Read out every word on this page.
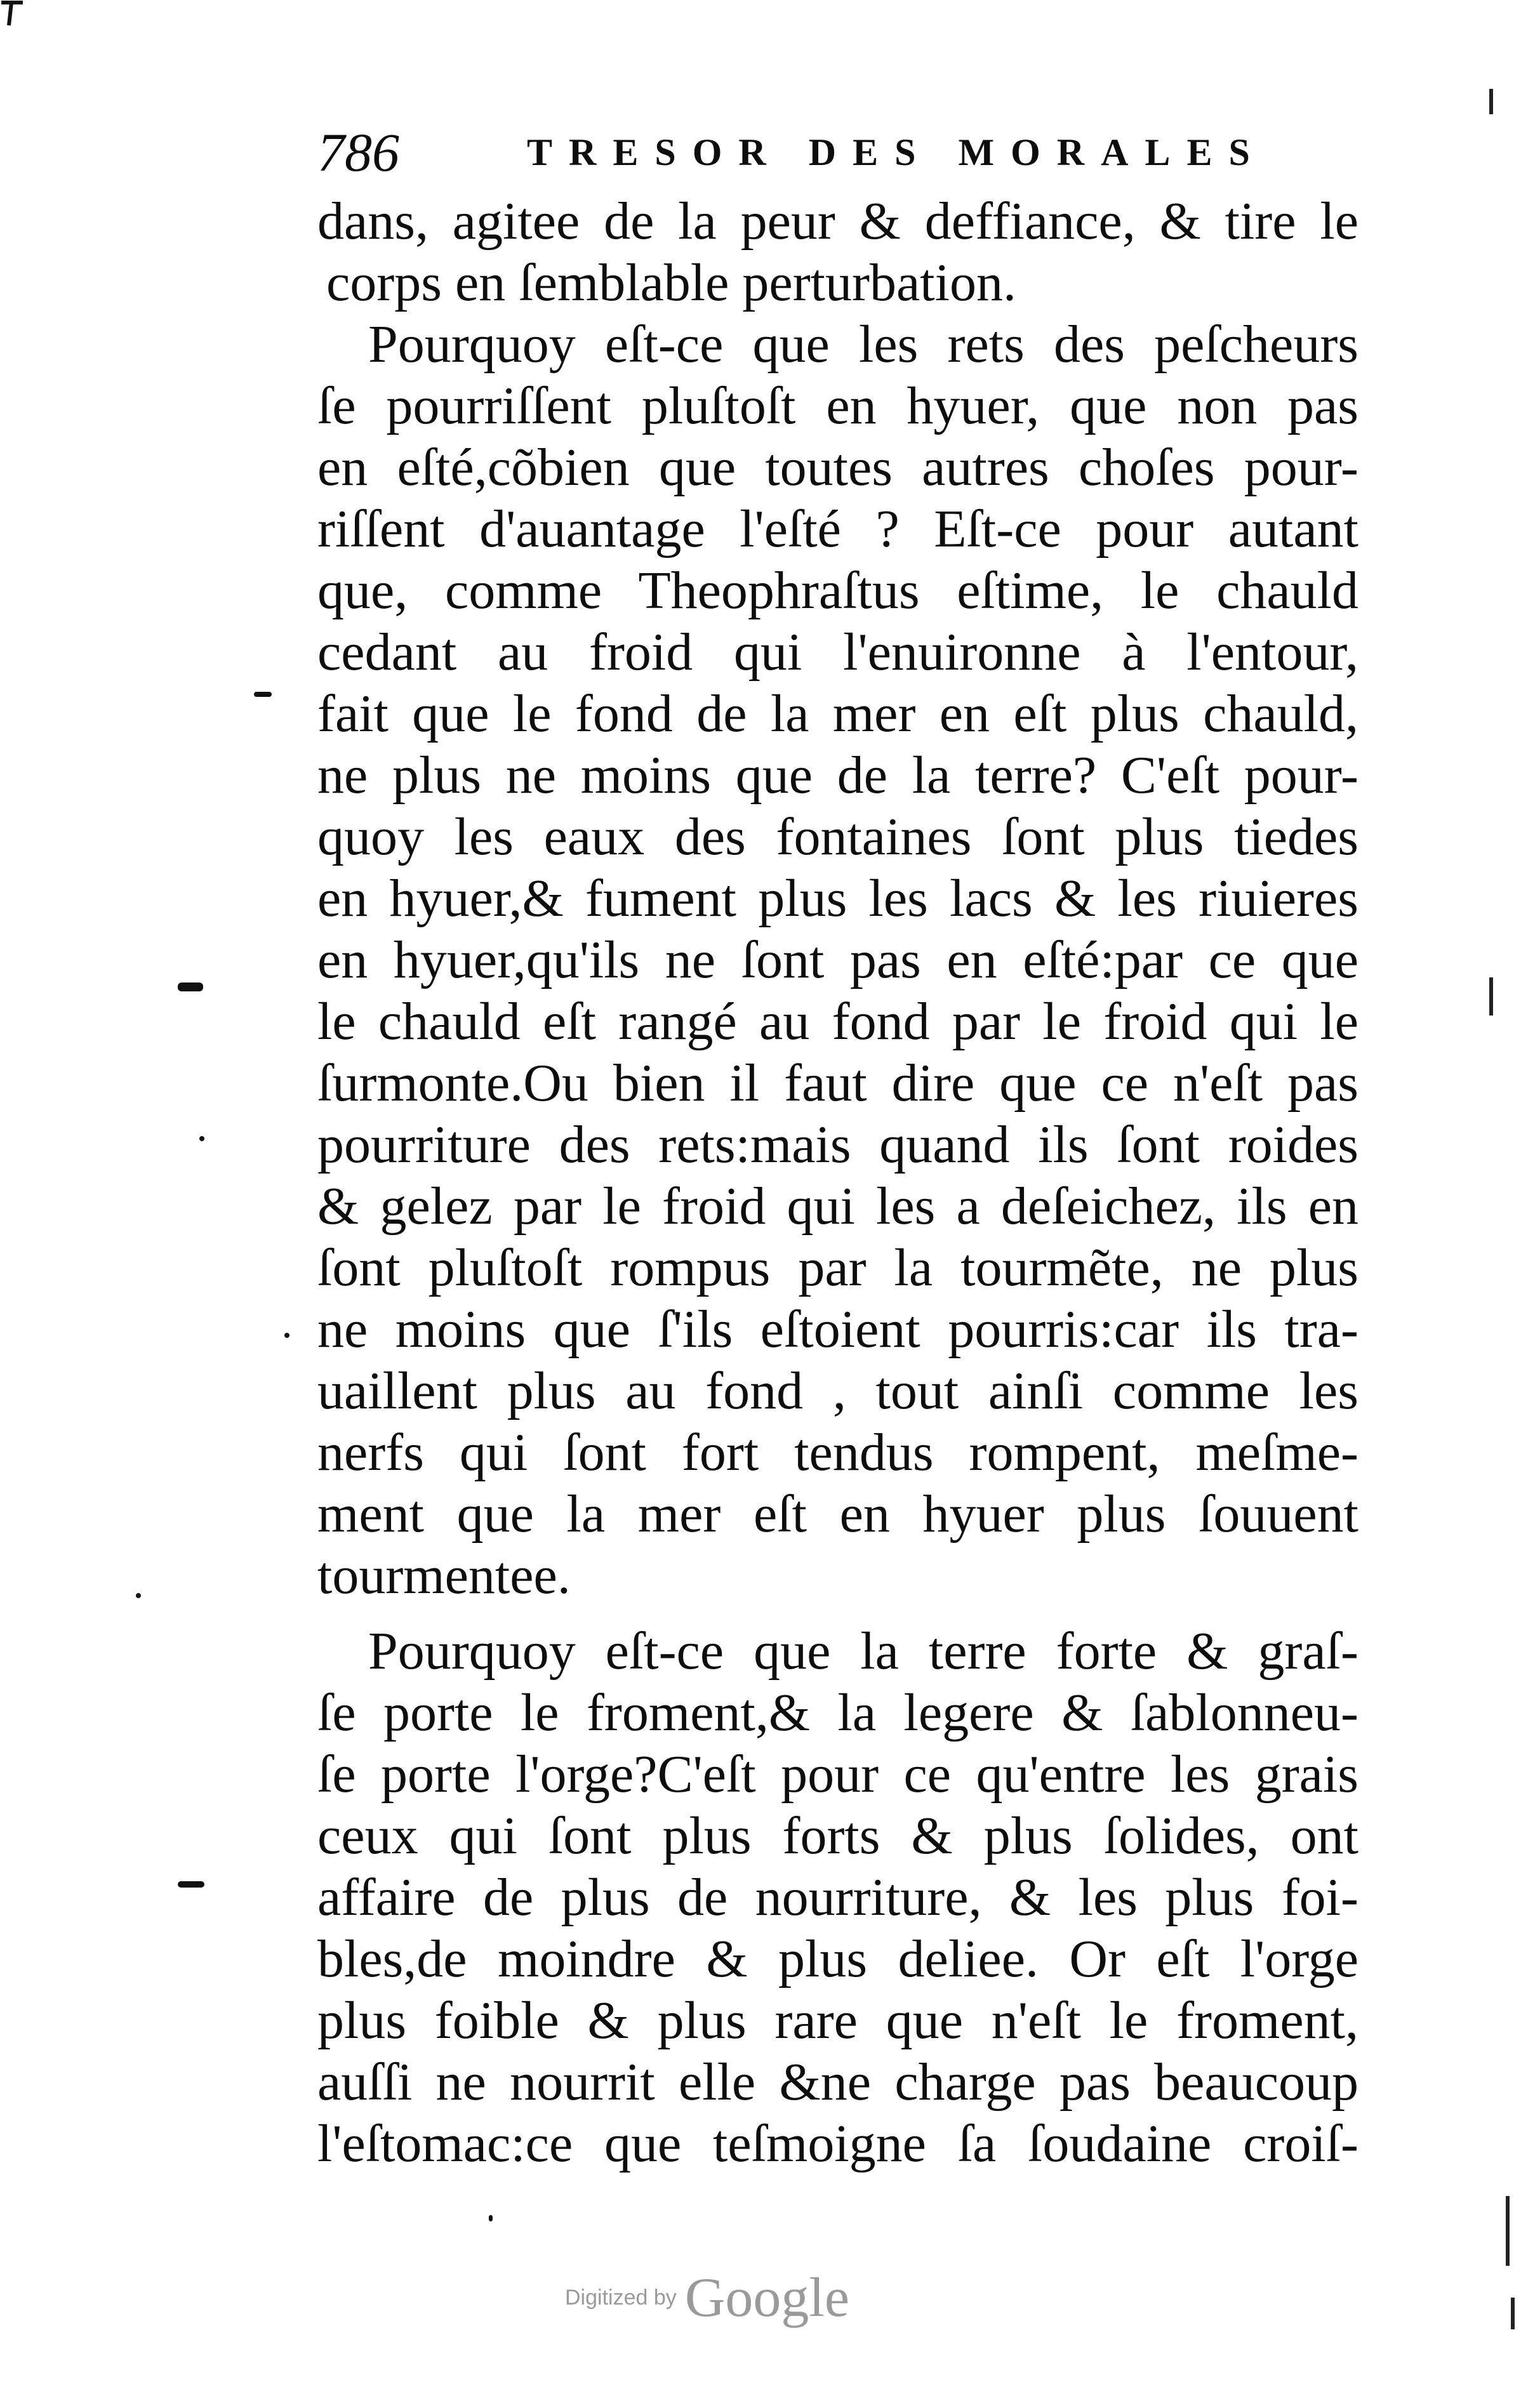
786	TRESOR DES MORALES
dans, agitee de la peur & deffiance, & tire le
corps en ſemblable perturbation.
Pourquoy eſt-ce que les rets des peſcheurs
ſe pourriſſent pluſtoſt en hyuer, que non pas
en eſté,cõbien que toutes autres choſes pour-
riſſent d'auantage l'eſté ? Eſt-ce pour autant
que, comme Theophraſtus eſtime, le chauld
cedant au froid qui l'enuironne à l'entour,
fait que le fond de la mer en eſt plus chauld,
ne plus ne moins que de la terre? C'eſt pour-
quoy les eaux des fontaines ſont plus tiedes
en hyuer,& fument plus les lacs & les riuieres
en hyuer,qu'ils ne ſont pas en eſté:par ce que
le chauld eſt rangé au fond par le froid qui le
ſurmonte.Ou bien il faut dire que ce n'eſt pas
pourriture des rets:mais quand ils ſont roides
& gelez par le froid qui les a deſeichez, ils en
ſont pluſtoſt rompus par la tourmẽte, ne plus
ne moins que ſ'ils eſtoient pourris:car ils tra-
uaillent plus au fond , tout ainſi comme les
nerfs qui ſont fort tendus rompent, meſme-
ment que la mer eſt en hyuer plus ſouuent
tourmentee.
Pourquoy eſt-ce que la terre forte & graſ-
ſe porte le froment,& la legere & ſablonneu-
ſe porte l'orge?C'eſt pour ce qu'entre les grais
ceux qui ſont plus forts & plus ſolides, ont
affaire de plus de nourriture, & les plus foi-
bles,de moindre & plus deliee. Or eſt l'orge
plus foible & plus rare que n'eſt le froment,
auſſi ne nourrit elle &ne charge pas beaucoup
l'eſtomac:ce que teſmoigne ſa ſoudaine croiſ-
Digitized by Google
